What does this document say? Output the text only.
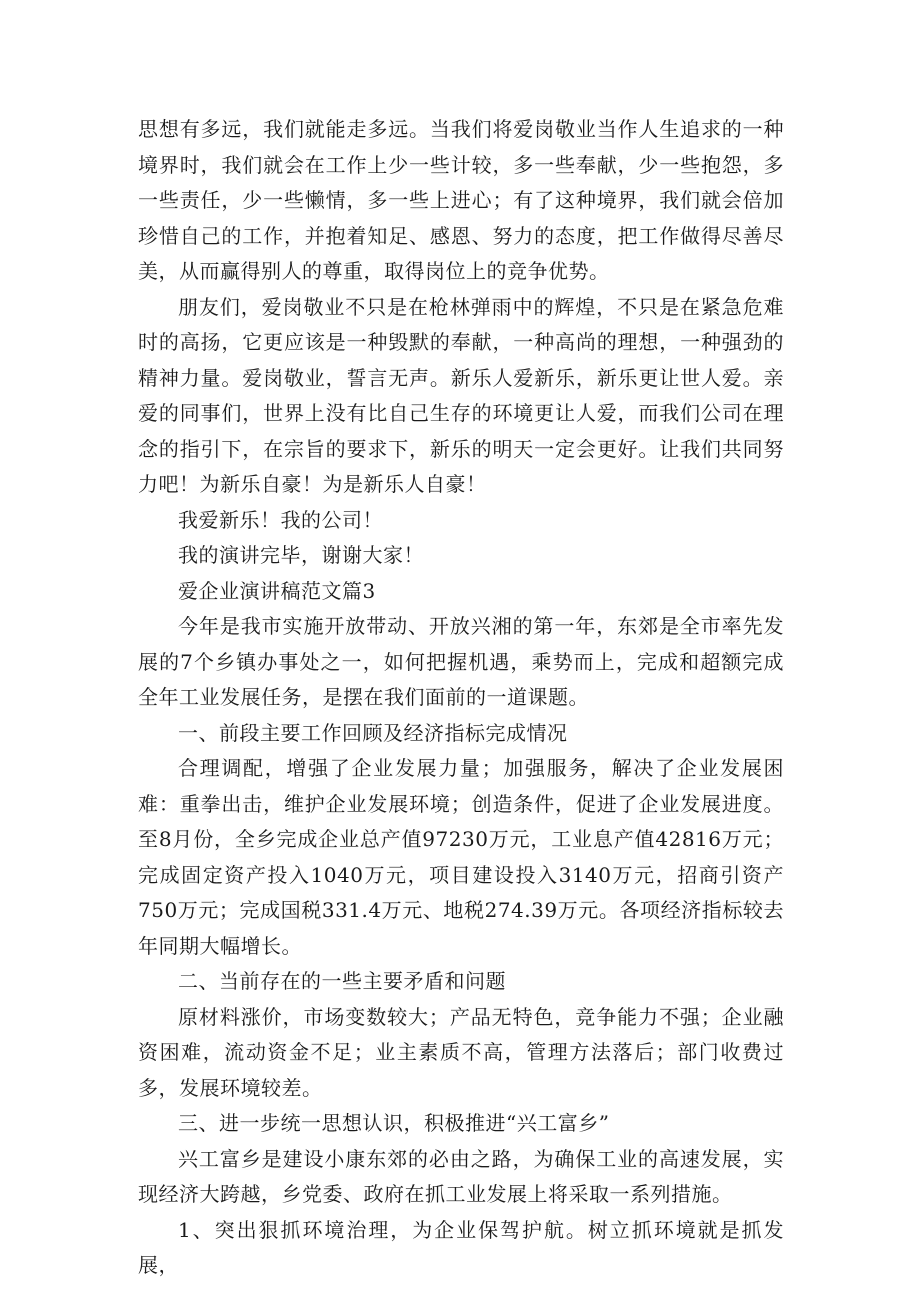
思想有多远，我们就能走多远。当我们将爱岗敬业当作人生追求的一种境界时，我们就会在工作上少一些计较，多一些奉献，少一些抱怨，多一些责任，少一些懒情，多一些上进心；有了这种境界，我们就会倍加珍惜自己的工作，并抱着知足、感恩、努力的态度，把工作做得尽善尽美，从而赢得别人的尊重，取得岗位上的竞争优势。

朋友们，爱岗敬业不只是在枪林弹雨中的辉煌，不只是在紧急危难时的高扬，它更应该是一种毁默的奉献，一种高尚的理想，一种强劲的精神力量。爱岗敬业，誓言无声。新乐人爱新乐，新乐更让世人爱。亲爱的同事们，世界上没有比自己生存的环境更让人爱，而我们公司在理念的指引下，在宗旨的要求下，新乐的明天一定会更好。让我们共同努力吧！为新乐自豪！为是新乐人自豪！

我爱新乐！我的公司！

我的演讲完毕，谢谢大家！

爱企业演讲稿范文篇3

今年是我市实施开放带动、开放兴湘的第一年，东郊是全市率先发展的7个乡镇办事处之一，如何把握机遇，乘势而上，完成和超额完成全年工业发展任务，是摆在我们面前的一道课题。

一、前段主要工作回顾及经济指标完成情况

合理调配，增强了企业发展力量；加强服务，解决了企业发展困难：重拳出击，维护企业发展环境；创造条件，促进了企业发展进度。至8月份，全乡完成企业总产值97230万元，工业息产值42816万元；完成固定资产投入1040万元，项目建设投入3140万元，招商引资产750万元；完成国税331.4万元、地税274.39万元。各项经济指标较去年同期大幅增长。

二、当前存在的一些主要矛盾和问题

原材料涨价，市场变数较大；产品无特色，竞争能力不强；企业融资困难，流动资金不足；业主素质不高，管理方法落后；部门收费过多，发展环境较差。

三、进一步统一思想认识，积极推进“兴工富乡”

兴工富乡是建设小康东郊的必由之路，为确保工业的高速发展，实现经济大跨越，乡党委、政府在抓工业发展上将采取一系列措施。

1、突出狠抓环境治理，为企业保驾护航。树立抓环境就是抓发展，
